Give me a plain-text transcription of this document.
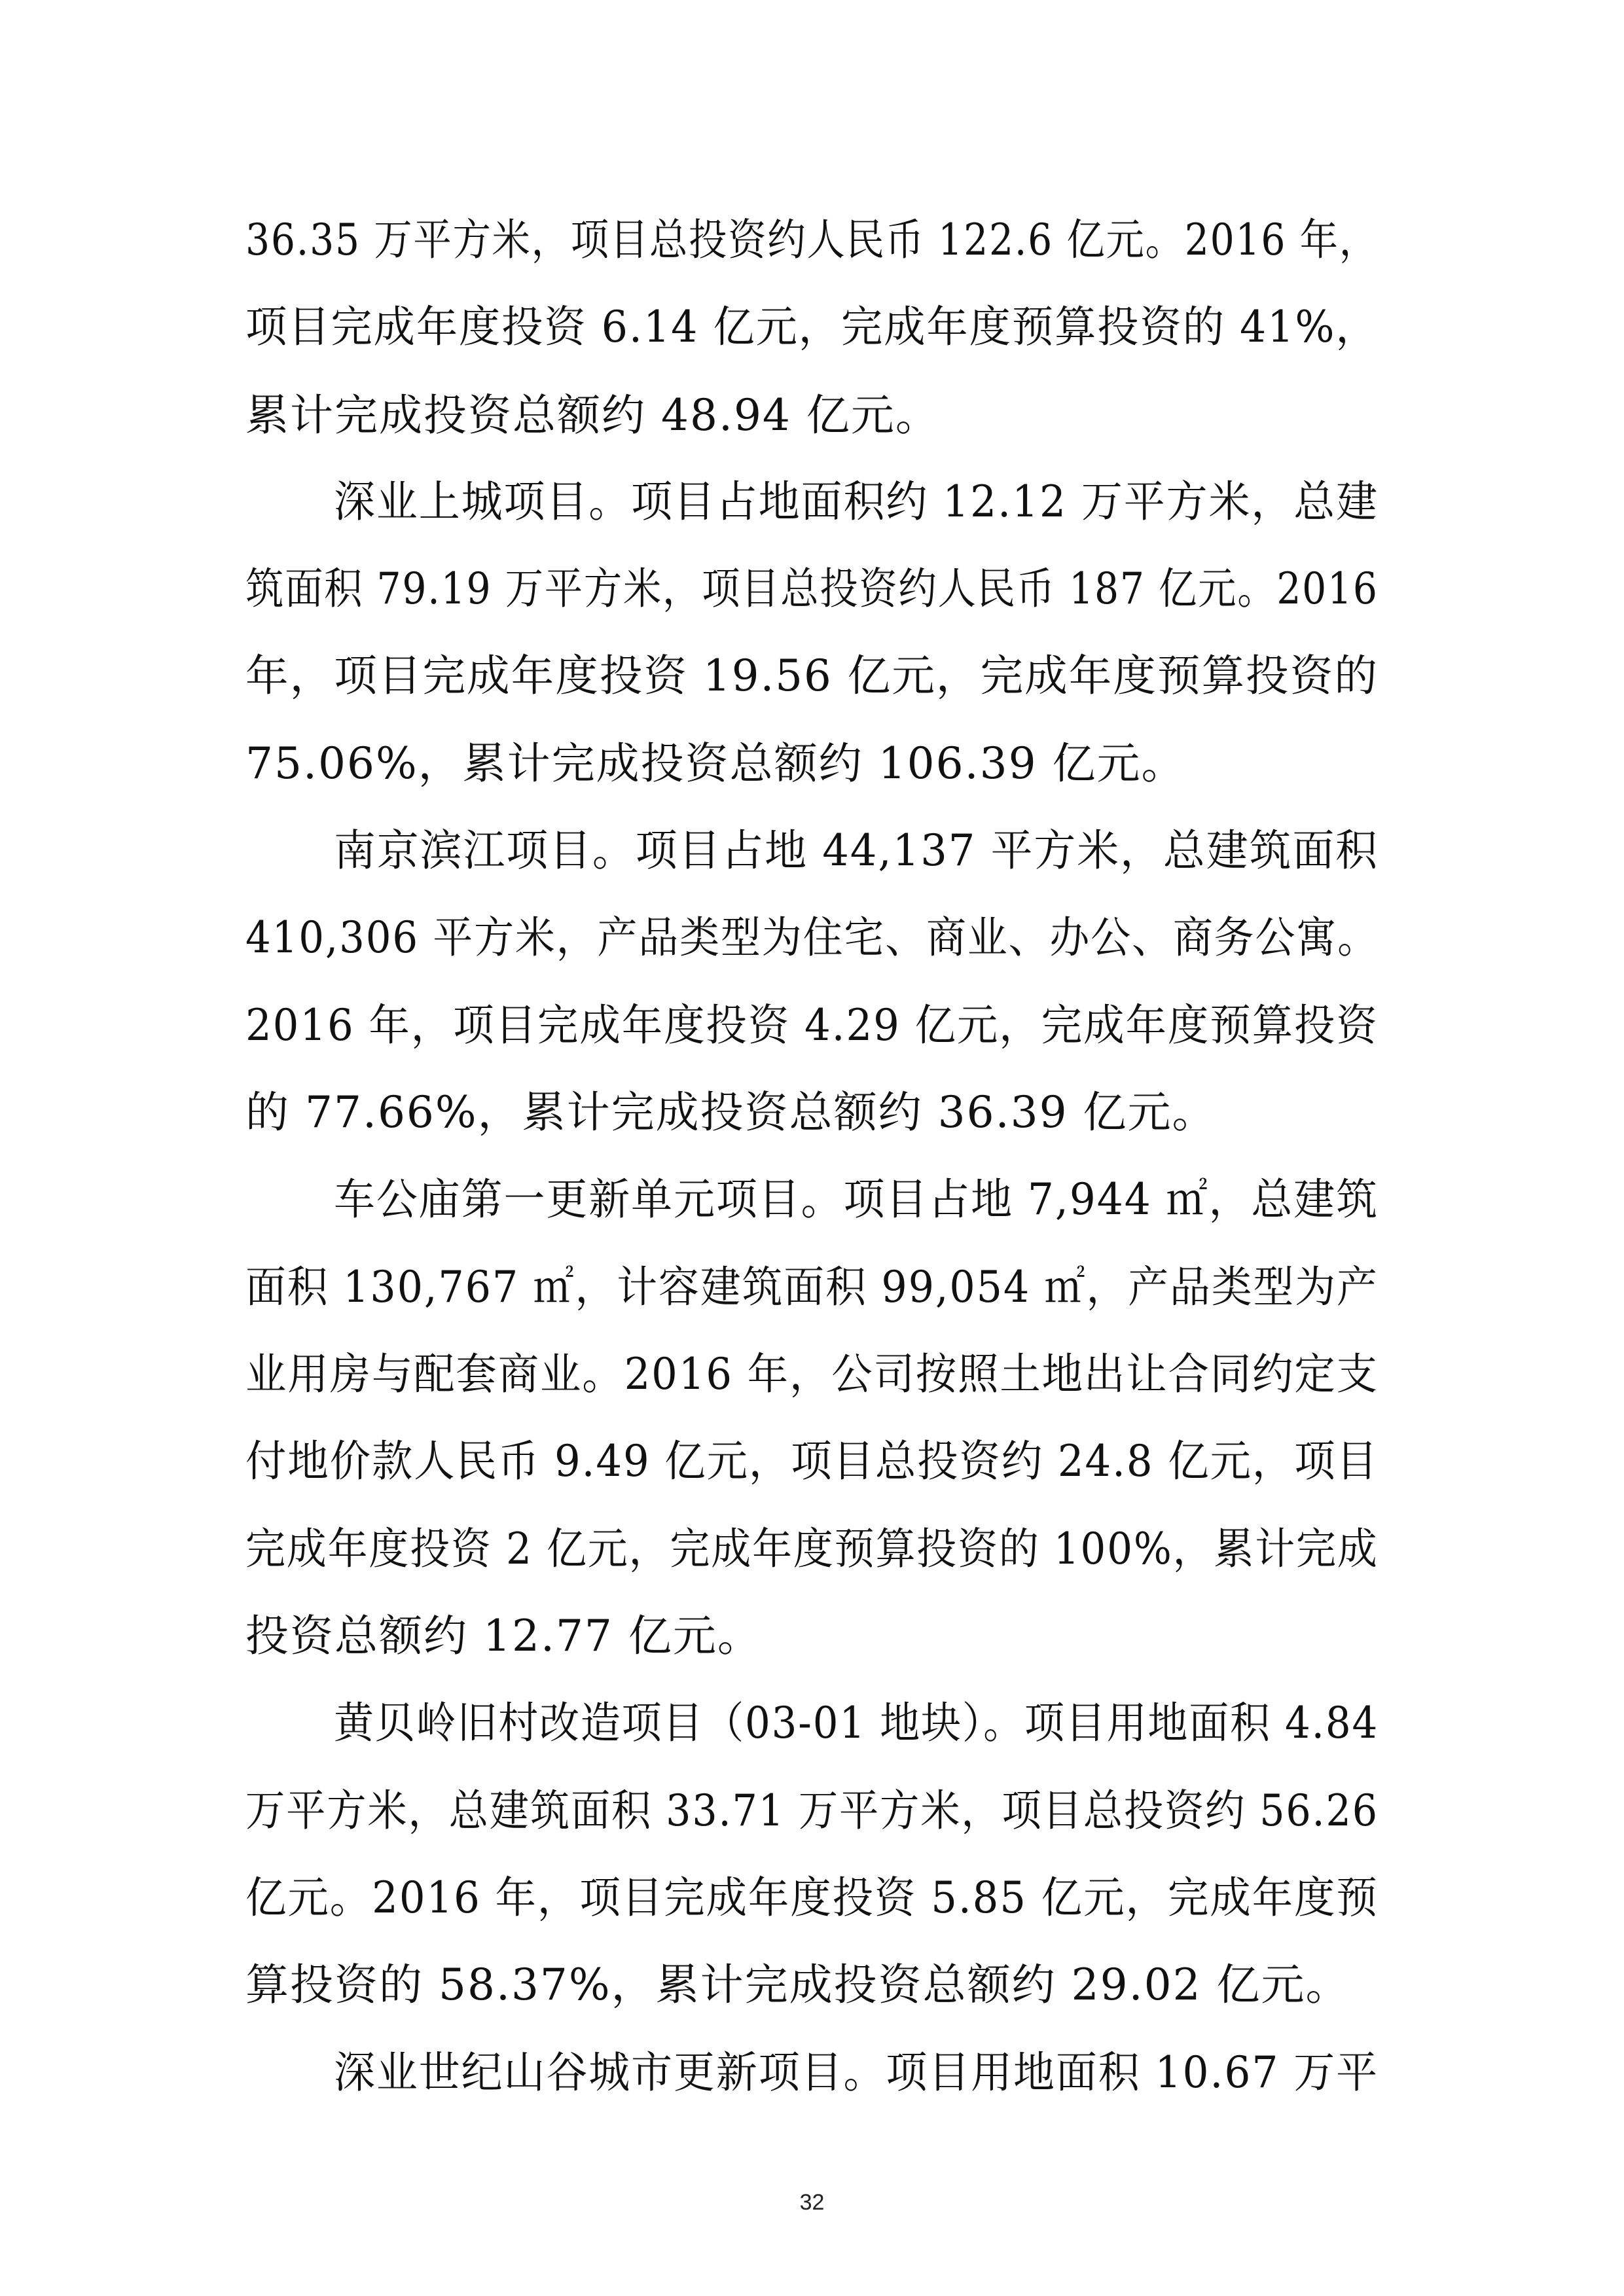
36.35 万平方米，项目总投资约人民币 122.6 亿元。2016 年，
项目完成年度投资 6.14 亿元，完成年度预算投资的 41%，
累计完成投资总额约 48.94 亿元。
深业上城项目。项目占地面积约 12.12 万平方米，总建
筑面积 79.19 万平方米，项目总投资约人民币 187 亿元。2016
年，项目完成年度投资 19.56 亿元，完成年度预算投资的
75.06%，累计完成投资总额约 106.39 亿元。
南京滨江项目。项目占地 44,137 平方米，总建筑面积
410,306 平方米，产品类型为住宅、商业、办公、商务公寓。
2016 年，项目完成年度投资 4.29 亿元，完成年度预算投资
的 77.66%，累计完成投资总额约 36.39 亿元。
车公庙第一更新单元项目。项目占地 7,944 ㎡，总建筑
面积 130,767 ㎡，计容建筑面积 99,054 ㎡，产品类型为产
业用房与配套商业。2016 年，公司按照土地出让合同约定支
付地价款人民币 9.49 亿元，项目总投资约 24.8 亿元，项目
完成年度投资 2 亿元，完成年度预算投资的 100%，累计完成
投资总额约 12.77 亿元。
黄贝岭旧村改造项目（03-01 地块）。项目用地面积 4.84
万平方米，总建筑面积 33.71 万平方米，项目总投资约 56.26
亿元。2016 年，项目完成年度投资 5.85 亿元，完成年度预
算投资的 58.37%，累计完成投资总额约 29.02 亿元。
深业世纪山谷城市更新项目。项目用地面积 10.67 万平
32
